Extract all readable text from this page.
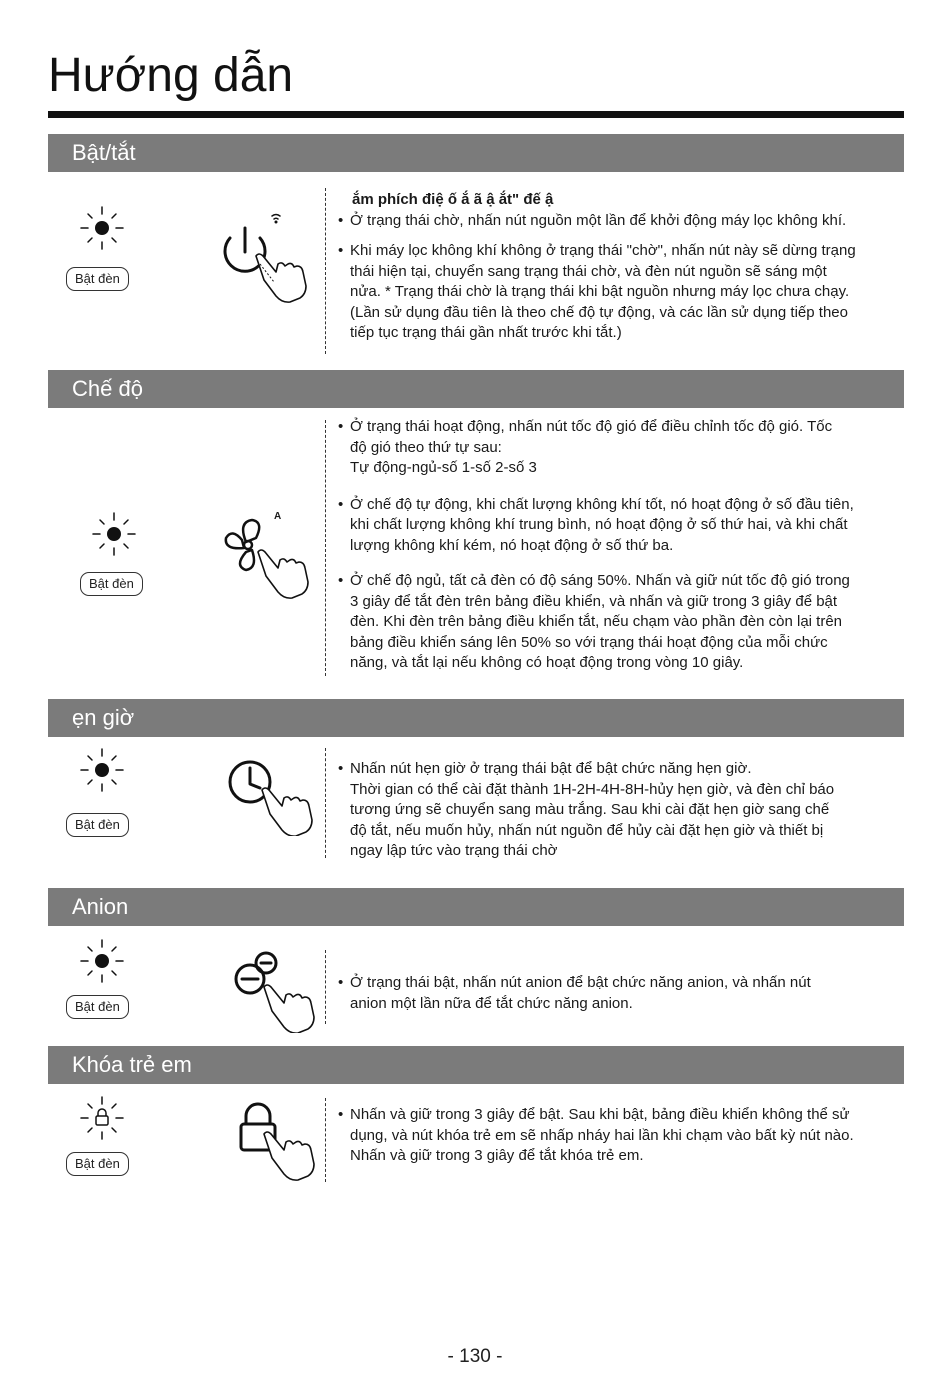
Hướng dẫn
Bật/tắt
Bật đèn

ắm phích điệ ố ắ ã ậ ắt" đế ậ

• Ở trạng thái chờ, nhấn nút nguồn một lần để khởi động máy lọc không khí.
• Khi máy lọc không khí không ở trạng thái "chờ", nhấn nút này sẽ dừng trạng
thái hiện tại, chuyển sang trạng thái chờ, và đèn nút nguồn sẽ sáng một
nửa. * Trạng thái chờ là trạng thái khi bật nguồn nhưng máy lọc chưa chạy.
(Lần sử dụng đầu tiên là theo chế độ tự động, và các lần sử dụng tiếp theo
tiếp tục trạng thái gần nhất trước khi tắt.)
Chế độ
Bật đèn
A
• Ở trạng thái hoạt động, nhấn nút tốc độ gió để điều chỉnh tốc độ gió. Tốc
độ gió theo thứ tự sau:
Tự động-ngủ-số 1-số 2-số 3
• Ở chế độ tự động, khi chất lượng không khí tốt, nó hoạt động ở số đầu tiên,
khi chất lượng không khí trung bình, nó hoạt động ở số thứ hai, và khi chất
lượng không khí kém, nó hoạt động ở số thứ ba.
• Ở chế độ ngủ, tất cả đèn có độ sáng 50%. Nhấn và giữ nút tốc độ gió trong
3 giây để tắt đèn trên bảng điều khiển, và nhấn và giữ trong 3 giây để bật
đèn. Khi đèn trên bảng điều khiển tắt, nếu chạm vào phần đèn còn lại trên
bảng điều khiển sáng lên 50% so với trạng thái hoạt động của mỗi chức
năng, và tắt lại nếu không có hoạt động trong vòng 10 giây.
ẹn giờ
Bật đèn
• Nhấn nút hẹn giờ ở trạng thái bật để bật chức năng hẹn giờ.
Thời gian có thể cài đặt thành 1H-2H-4H-8H-hủy hẹn giờ, và đèn chỉ báo
tương ứng sẽ chuyển sang màu trắng. Sau khi cài đặt hẹn giờ sang chế
độ tắt, nếu muốn hủy, nhấn nút nguồn để hủy cài đặt hẹn giờ và thiết bị
ngay lập tức vào trạng thái chờ
Anion
Bật đèn
• Ở trạng thái bật, nhấn nút anion để bật chức năng anion, và nhấn nút
anion một lần nữa để tắt chức năng anion.
Khóa trẻ em
Bật đèn
• Nhấn và giữ trong 3 giây để bật. Sau khi bật, bảng điều khiển không thể sử
dụng, và nút khóa trẻ em sẽ nhấp nháy hai lần khi chạm vào bất kỳ nút nào.
Nhấn và giữ trong 3 giây để tắt khóa trẻ em.
- 130 -
